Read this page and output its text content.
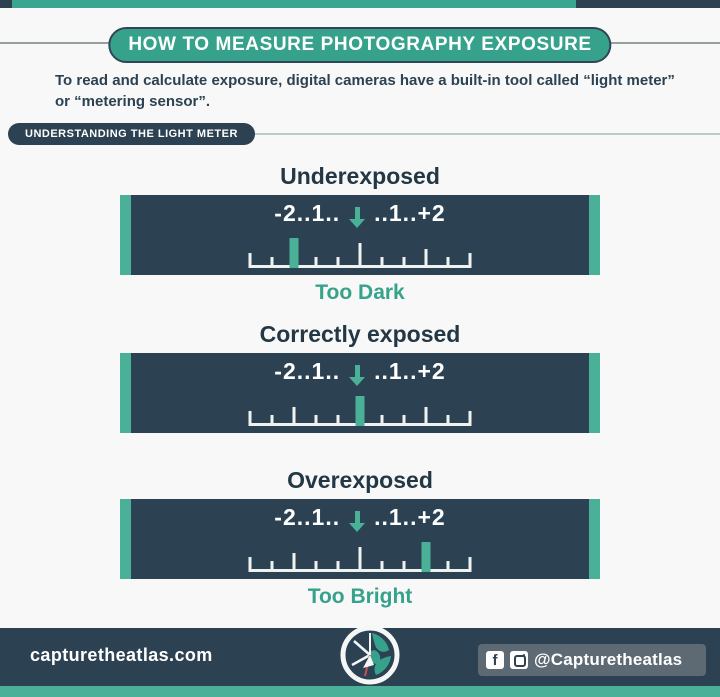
HOW TO MEASURE PHOTOGRAPHY EXPOSURE
To read and calculate exposure, digital cameras have a built-in tool called “light meter” or “metering sensor”.
UNDERSTANDING THE LIGHT METER
Underexposed
-2..1.. ..1..+2
Too Dark
Correctly exposed
-2..1.. ..1..+2
Overexposed
-2..1.. ..1..+2
Too Bright
capturetheatlas.com	f @Capturetheatlas
